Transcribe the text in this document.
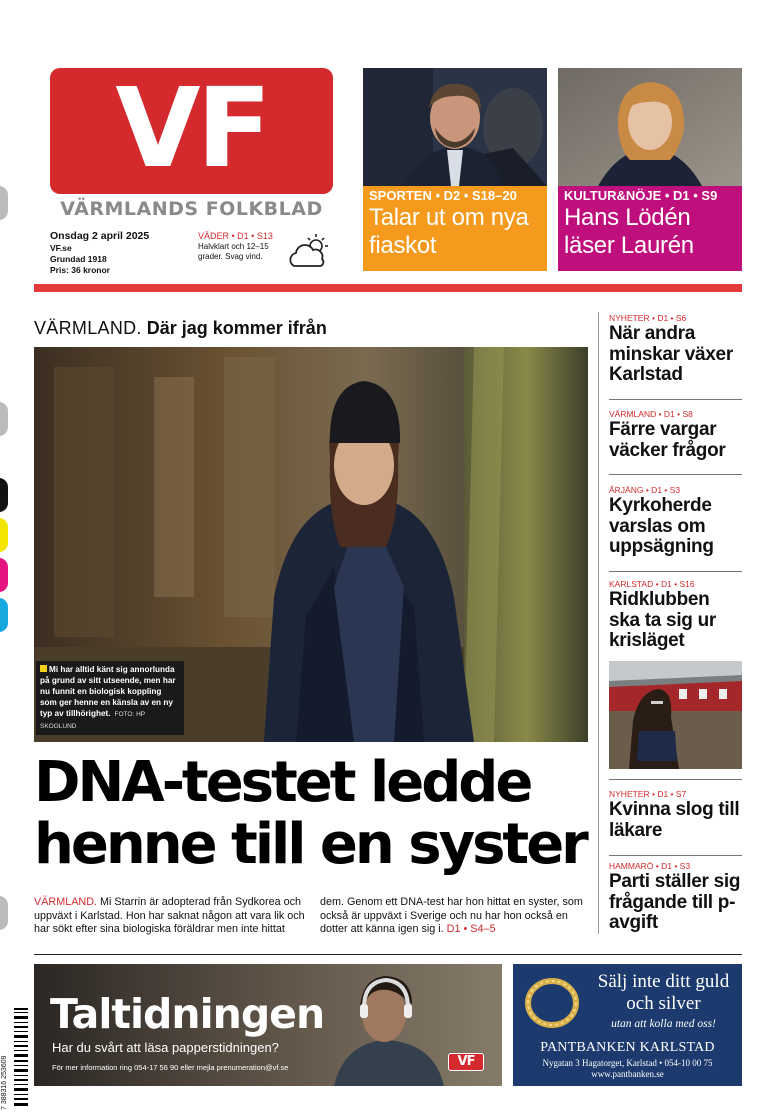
VF
VÄRMLANDS FOLKBLAD
Onsdag 2 april 2025
VF.se
Grundad 1918
Pris: 36 kronor
VÄDER • D1 • S13
Halvklart och 12–15 grader. Svag vind.
SPORTEN • D2 • S18–20
Talar ut om nya fiaskot
KULTUR&NÖJE • D1 • S9
Hans Lödén läser Laurén
VÄRMLAND. Där jag kommer ifrån
Mi har alltid känt sig annorlunda på grund av sitt utseende, men har nu funnit en biologisk koppling som ger henne en känsla av en ny typ av tillhörighet. FOTO: HP SKOGLUND
DNA-testet ledde
henne till en syster
VÄRMLAND. Mi Starrin är adopterad från Sydkorea och uppväxt i Karlstad. Hon har saknat någon att vara lik och har sökt efter sina biologiska föräldrar men inte hittat dem. Genom ett DNA-test har hon hittat en syster, som också är uppväxt i Sverige och nu har hon också en dotter att känna igen sig i. D1 • S4–5
NYHETER • D1 • S6
När andra minskar växer Karlstad
VÄRMLAND • D1 • S8
Färre vargar väcker frågor
ÅRJÄNG • D1 • S3
Kyrkoherde varslas om uppsägning
KARLSTAD • D1 • S16
Ridklubben ska ta sig ur krisläget
NYHETER • D1 • S7
Kvinna slog till läkare
HAMMARÖ • D1 • S3
Parti ställer sig frågande till p-avgift
Taltidningen
Har du svårt att läsa papperstidningen?
För mer information ring 054-17 56 90 eller mejla prenumeration@vf.se	VF
Sälj inte ditt guld
och silver
utan att kolla med oss!
PANTBANKEN KARLSTAD
Nygatan 3 Hagatorget, Karlstad • 054-10 00 75
www.pantbanken.se
7 388316 253609
